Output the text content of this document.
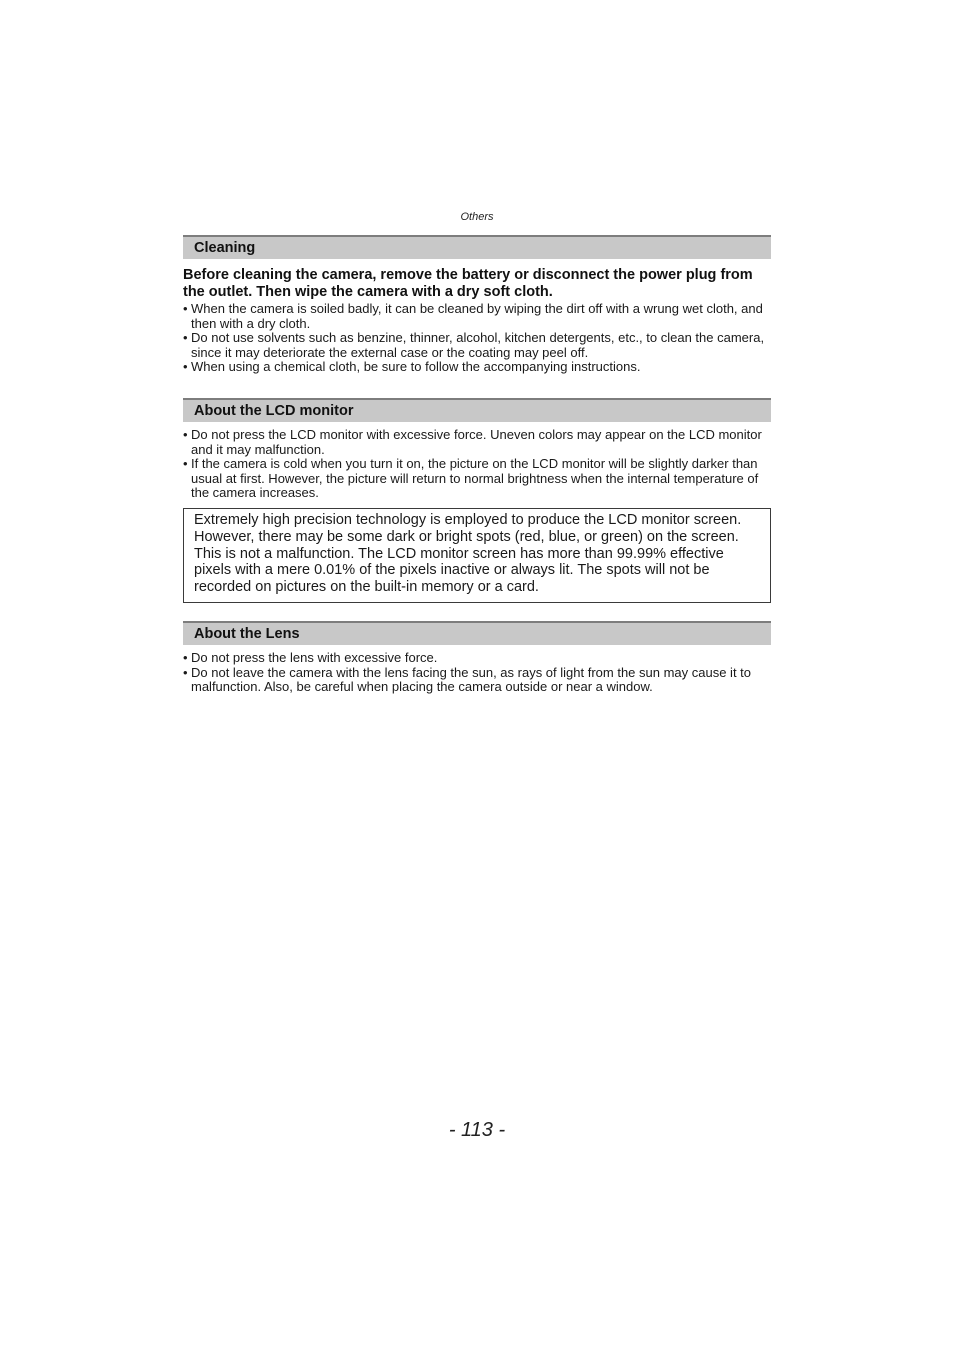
Others
Cleaning

Before cleaning the camera, remove the battery or disconnect the power plug from the outlet. Then wipe the camera with a dry soft cloth.

• When the camera is soiled badly, it can be cleaned by wiping the dirt off with a wrung wet cloth, and then with a dry cloth.
• Do not use solvents such as benzine, thinner, alcohol, kitchen detergents, etc., to clean the camera, since it may deteriorate the external case or the coating may peel off.
• When using a chemical cloth, be sure to follow the accompanying instructions.
About the LCD monitor
• Do not press the LCD monitor with excessive force. Uneven colors may appear on the LCD monitor and it may malfunction.
• If the camera is cold when you turn it on, the picture on the LCD monitor will be slightly darker than usual at first. However, the picture will return to normal brightness when the internal temperature of the camera increases.
Extremely high precision technology is employed to produce the LCD monitor screen. However, there may be some dark or bright spots (red, blue, or green) on the screen. This is not a malfunction. The LCD monitor screen has more than 99.99% effective pixels with a mere 0.01% of the pixels inactive or always lit. The spots will not be recorded on pictures on the built-in memory or a card.
About the Lens
• Do not press the lens with excessive force.
• Do not leave the camera with the lens facing the sun, as rays of light from the sun may cause it to malfunction. Also, be careful when placing the camera outside or near a window.
- 113 -
